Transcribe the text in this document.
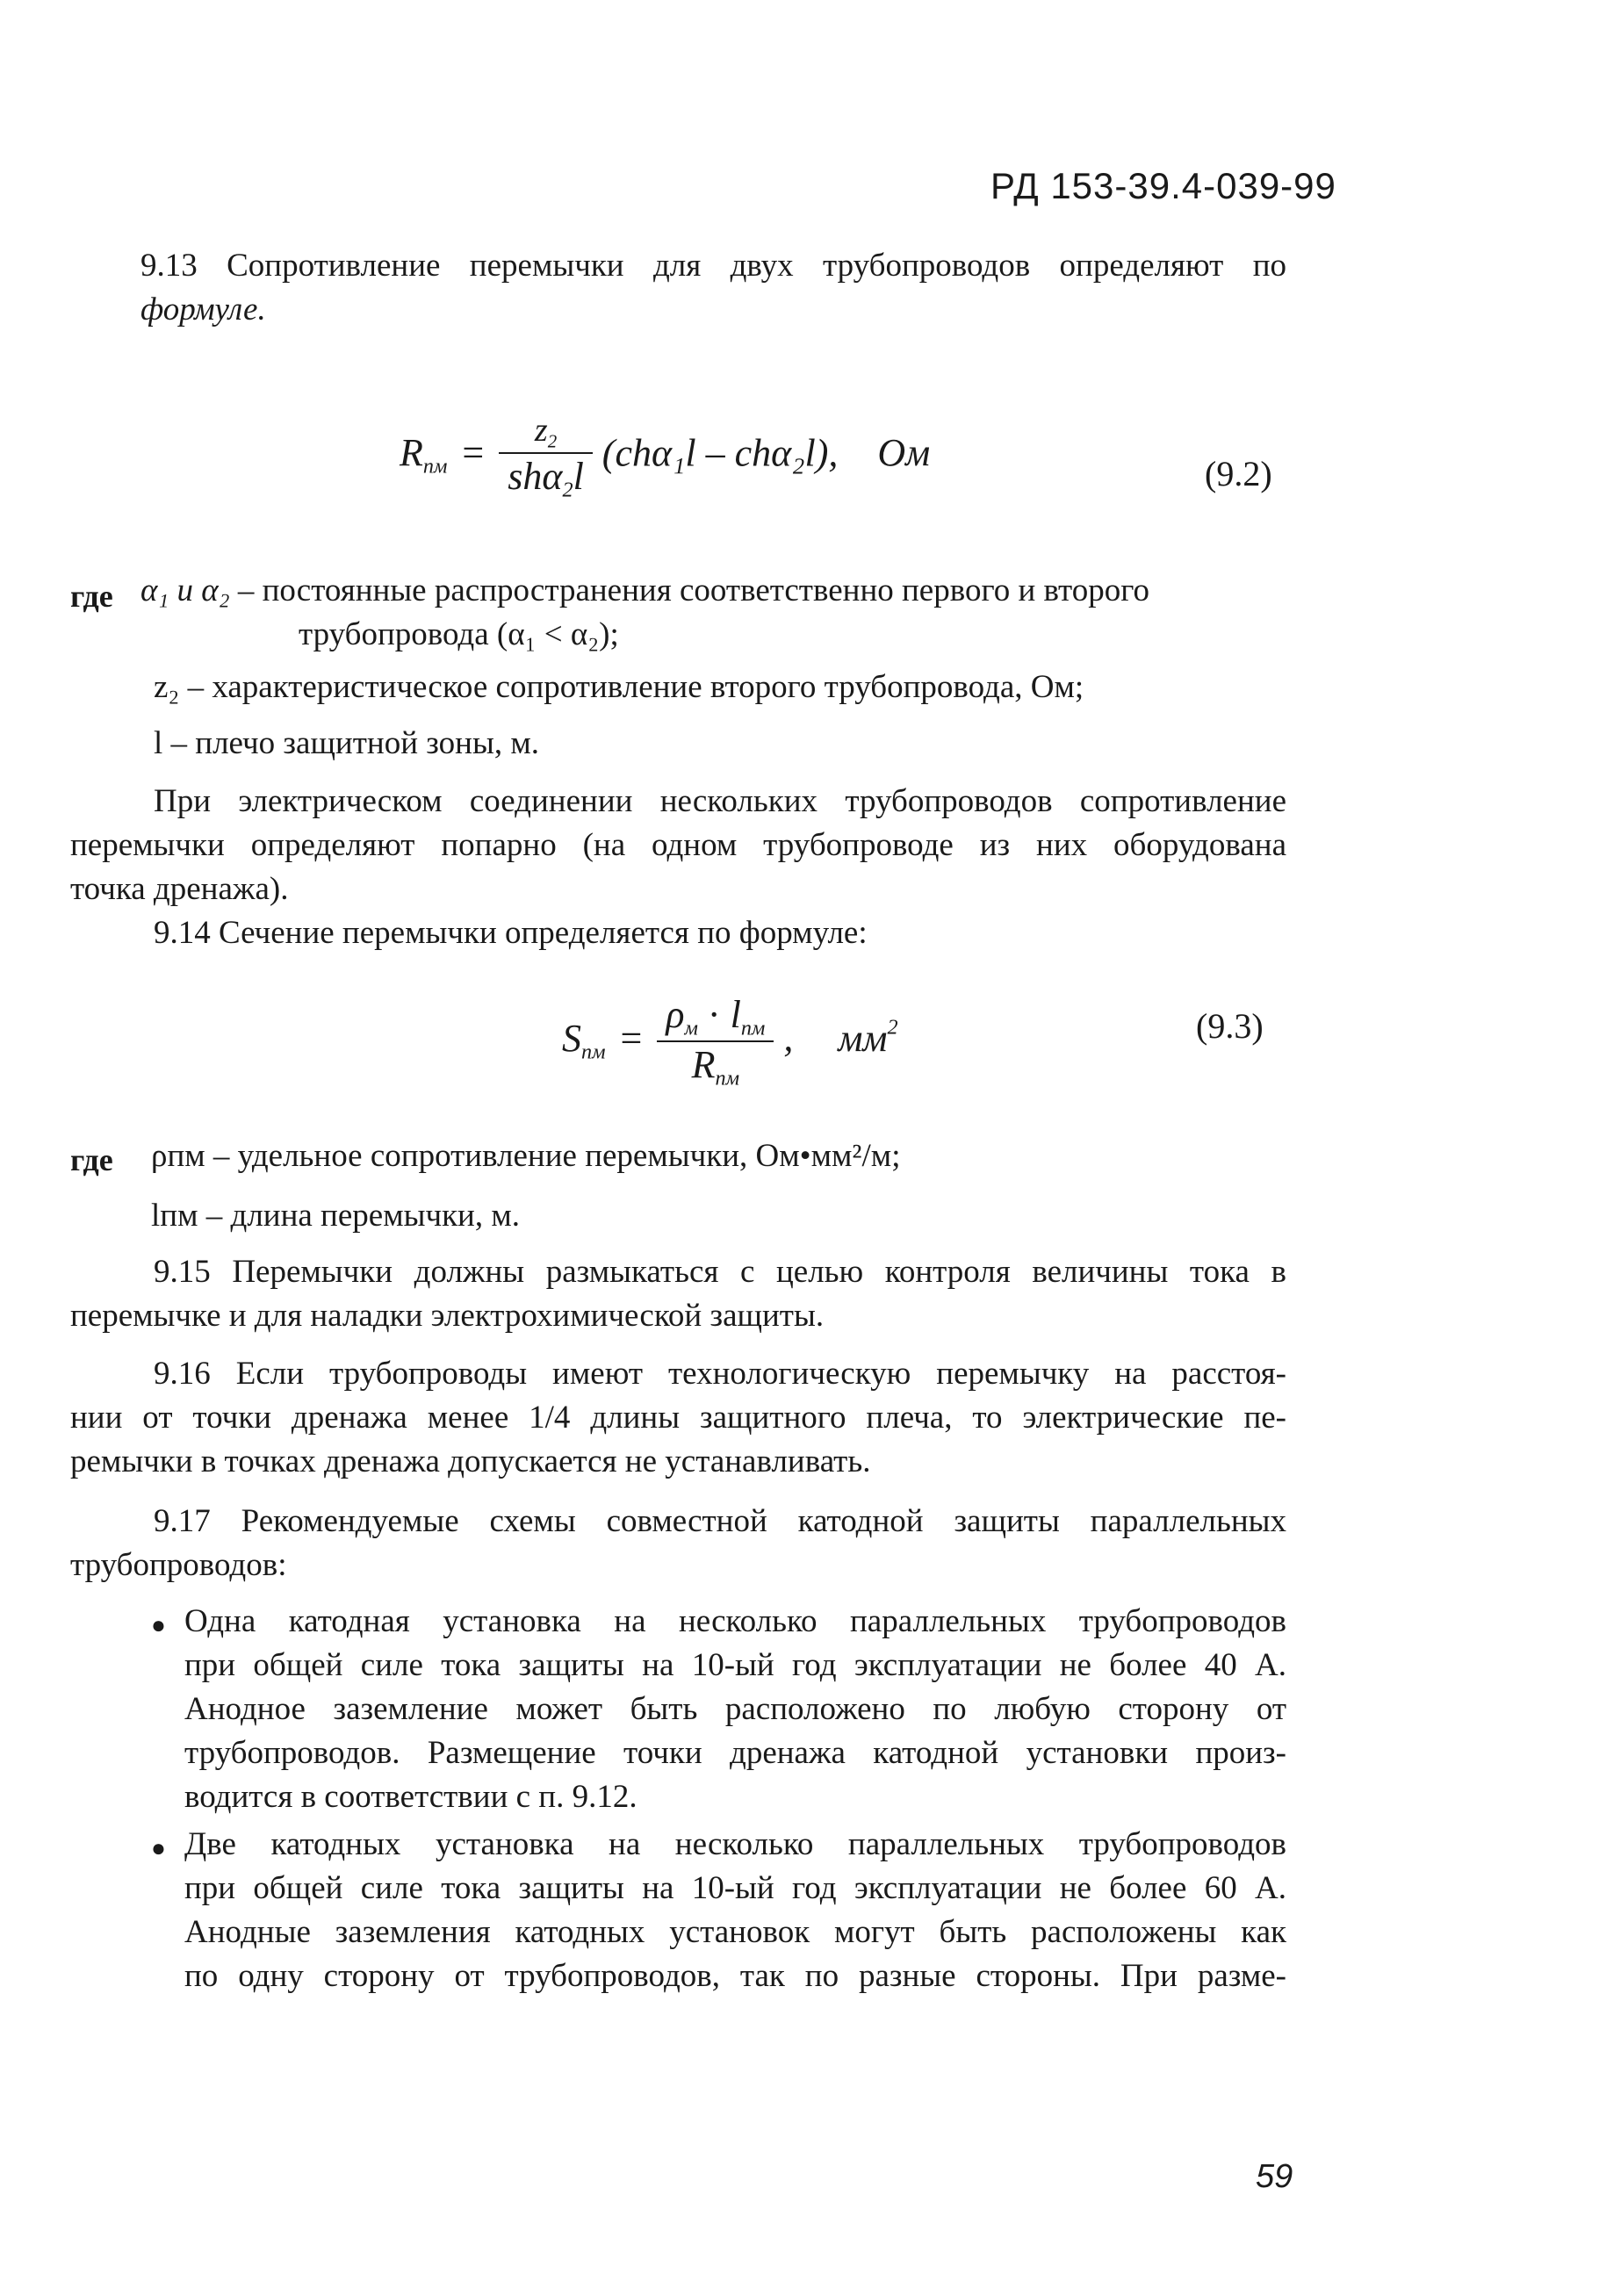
РД 153-39.4-039-99
9.13 Сопротивление перемычки для двух трубопроводов определяют по
формуле.
$R_{пм} = \frac{z_2}{sh\alpha_2l} (ch\alpha_1l - ch\alpha_2l)$, Ом	(9.2)
где α₁ и α₂ – постоянные распространения соответственно первого и второго
трубопровода (α₁ < α₂);
z₂ – характеристическое сопротивление второго трубопровода, Ом;
l – плечо защитной зоны, м.
При электрическом соединении нескольких трубопроводов сопротивление
перемычки определяют попарно (на одном трубопроводе из них оборудована
точка дренажа).
9.14 Сечение перемычки определяется по формуле:
$S_{пм} = \frac{\rho_м \cdot l_{пм}}{R_{пм}}$ , $мм^2$	(9.3)
где ρпм – удельное сопротивление перемычки, Ом•мм²/м;
lпм – длина перемычки, м.
9.15 Перемычки должны размыкаться с целью контроля величины тока в
перемычке и для наладки электрохимической защиты.
9.16 Если трубопроводы имеют технологическую перемычку на расстоя-
нии от точки дренажа менее 1/4 длины защитного плеча, то электрические пе-
ремычки в точках дренажа допускается не устанавливать.
9.17 Рекомендуемые схемы совместной катодной защиты параллельных
трубопроводов:
● Одна катодная установка на несколько параллельных трубопроводов
при общей силе тока защиты на 10-ый год эксплуатации не более 40 А.
Анодное заземление может быть расположено по любую сторону от
трубопроводов. Размещение точки дренажа катодной установки произ-
водится в соответствии с п. 9.12.
● Две катодных установка на несколько параллельных трубопроводов
при общей силе тока защиты на 10-ый год эксплуатации не более 60 А.
Анодные заземления катодных установок могут быть расположены как
по одну сторону от трубопроводов, так по разные стороны. При разме-
59
